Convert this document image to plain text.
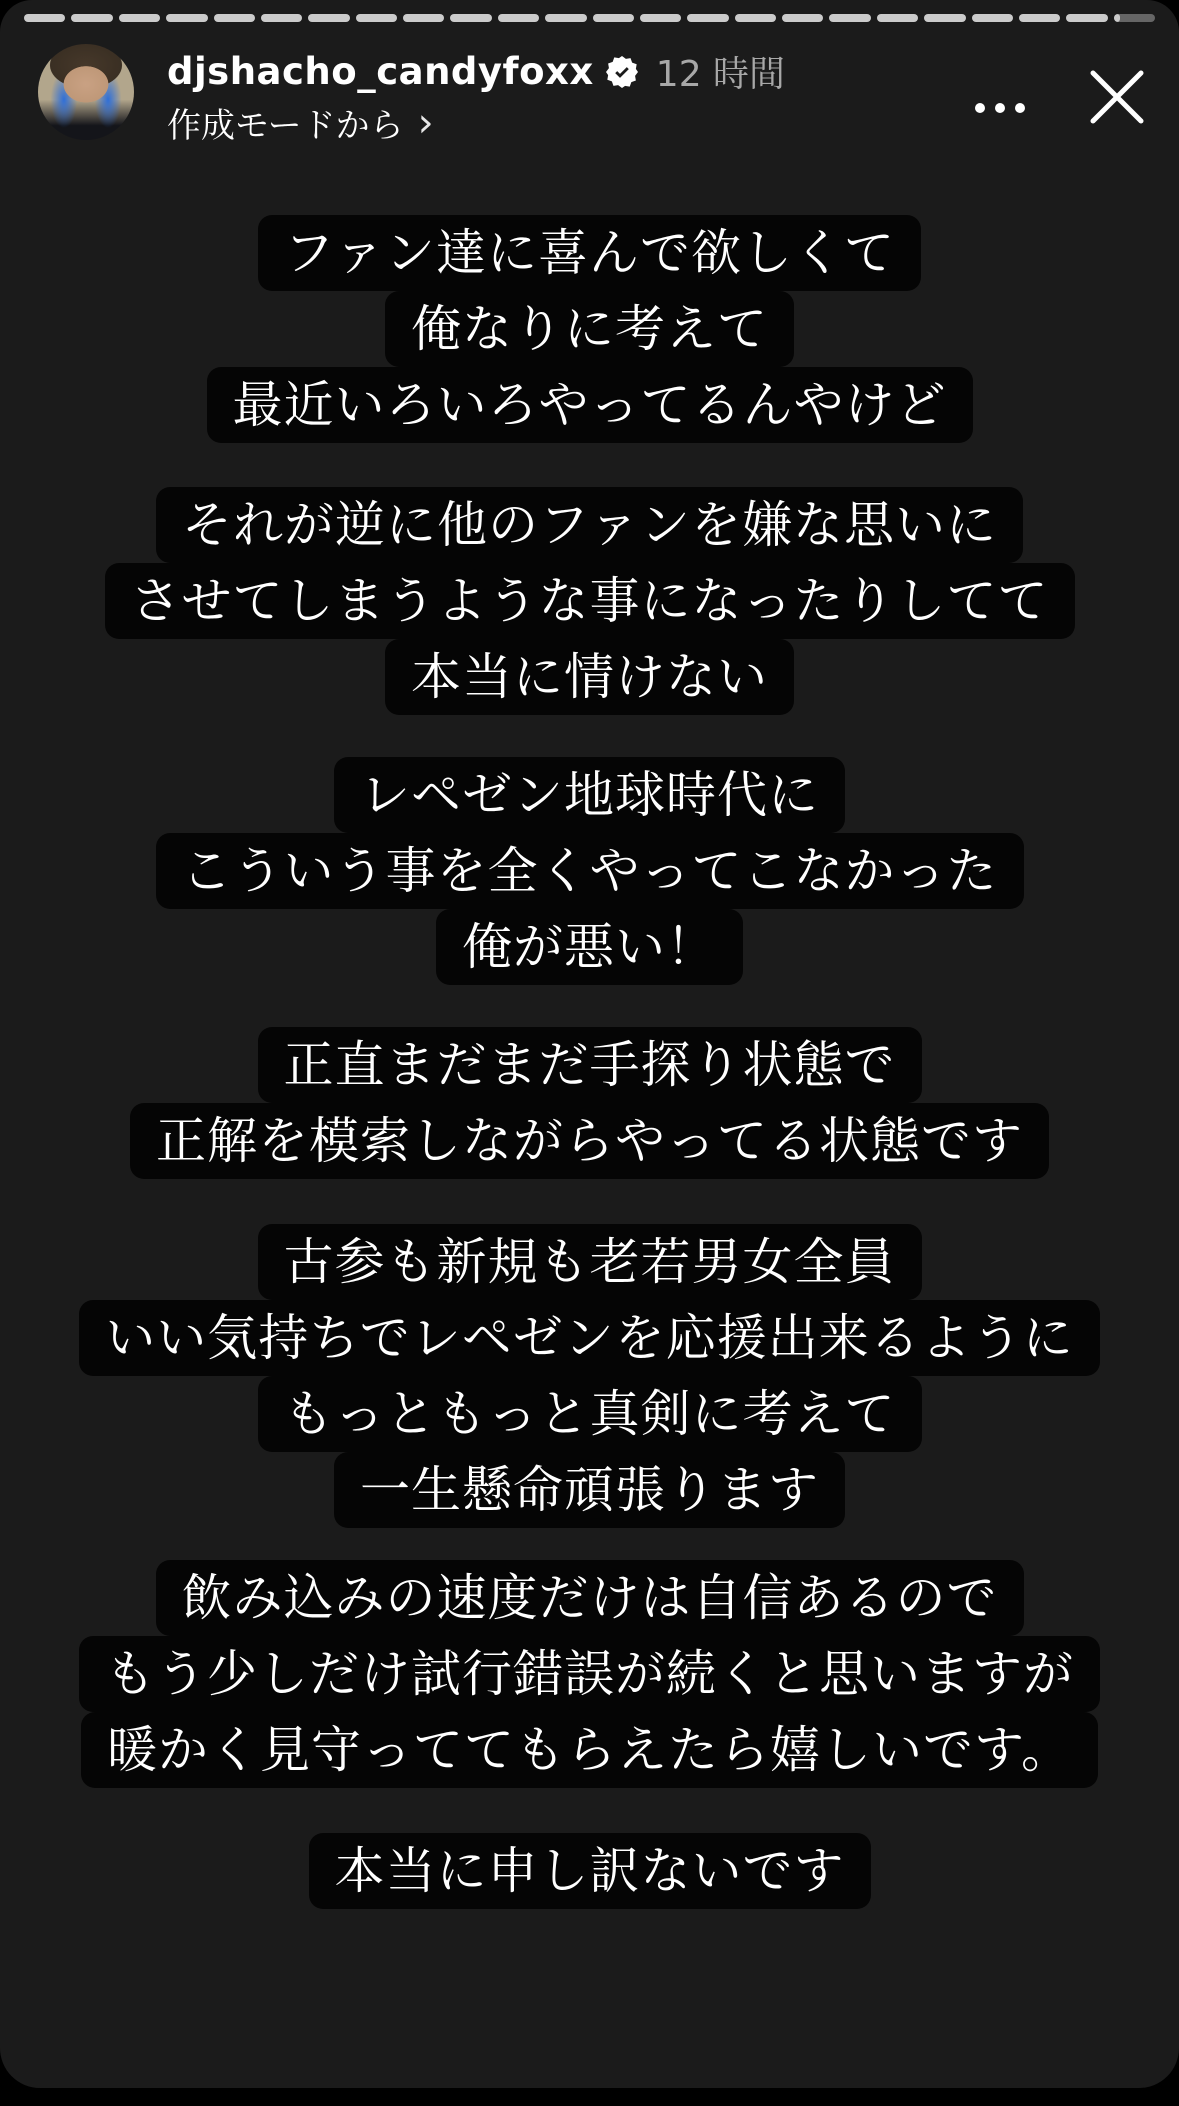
djshacho_candyfoxx 12 時間
作成モードから ›
ファン達に喜んで欲しくて
俺なりに考えて
最近いろいろやってるんやけど
それが逆に他のファンを嫌な思いに
させてしまうような事になったりしてて
本当に情けない
レペゼン地球時代に
こういう事を全くやってこなかった
俺が悪い！
正直まだまだ手探り状態で
正解を模索しながらやってる状態です
古参も新規も老若男女全員
いい気持ちでレペゼンを応援出来るように
もっともっと真剣に考えて
一生懸命頑張ります
飲み込みの速度だけは自信あるので
もう少しだけ試行錯誤が続くと思いますが
暖かく見守っててもらえたら嬉しいです。
本当に申し訳ないです
